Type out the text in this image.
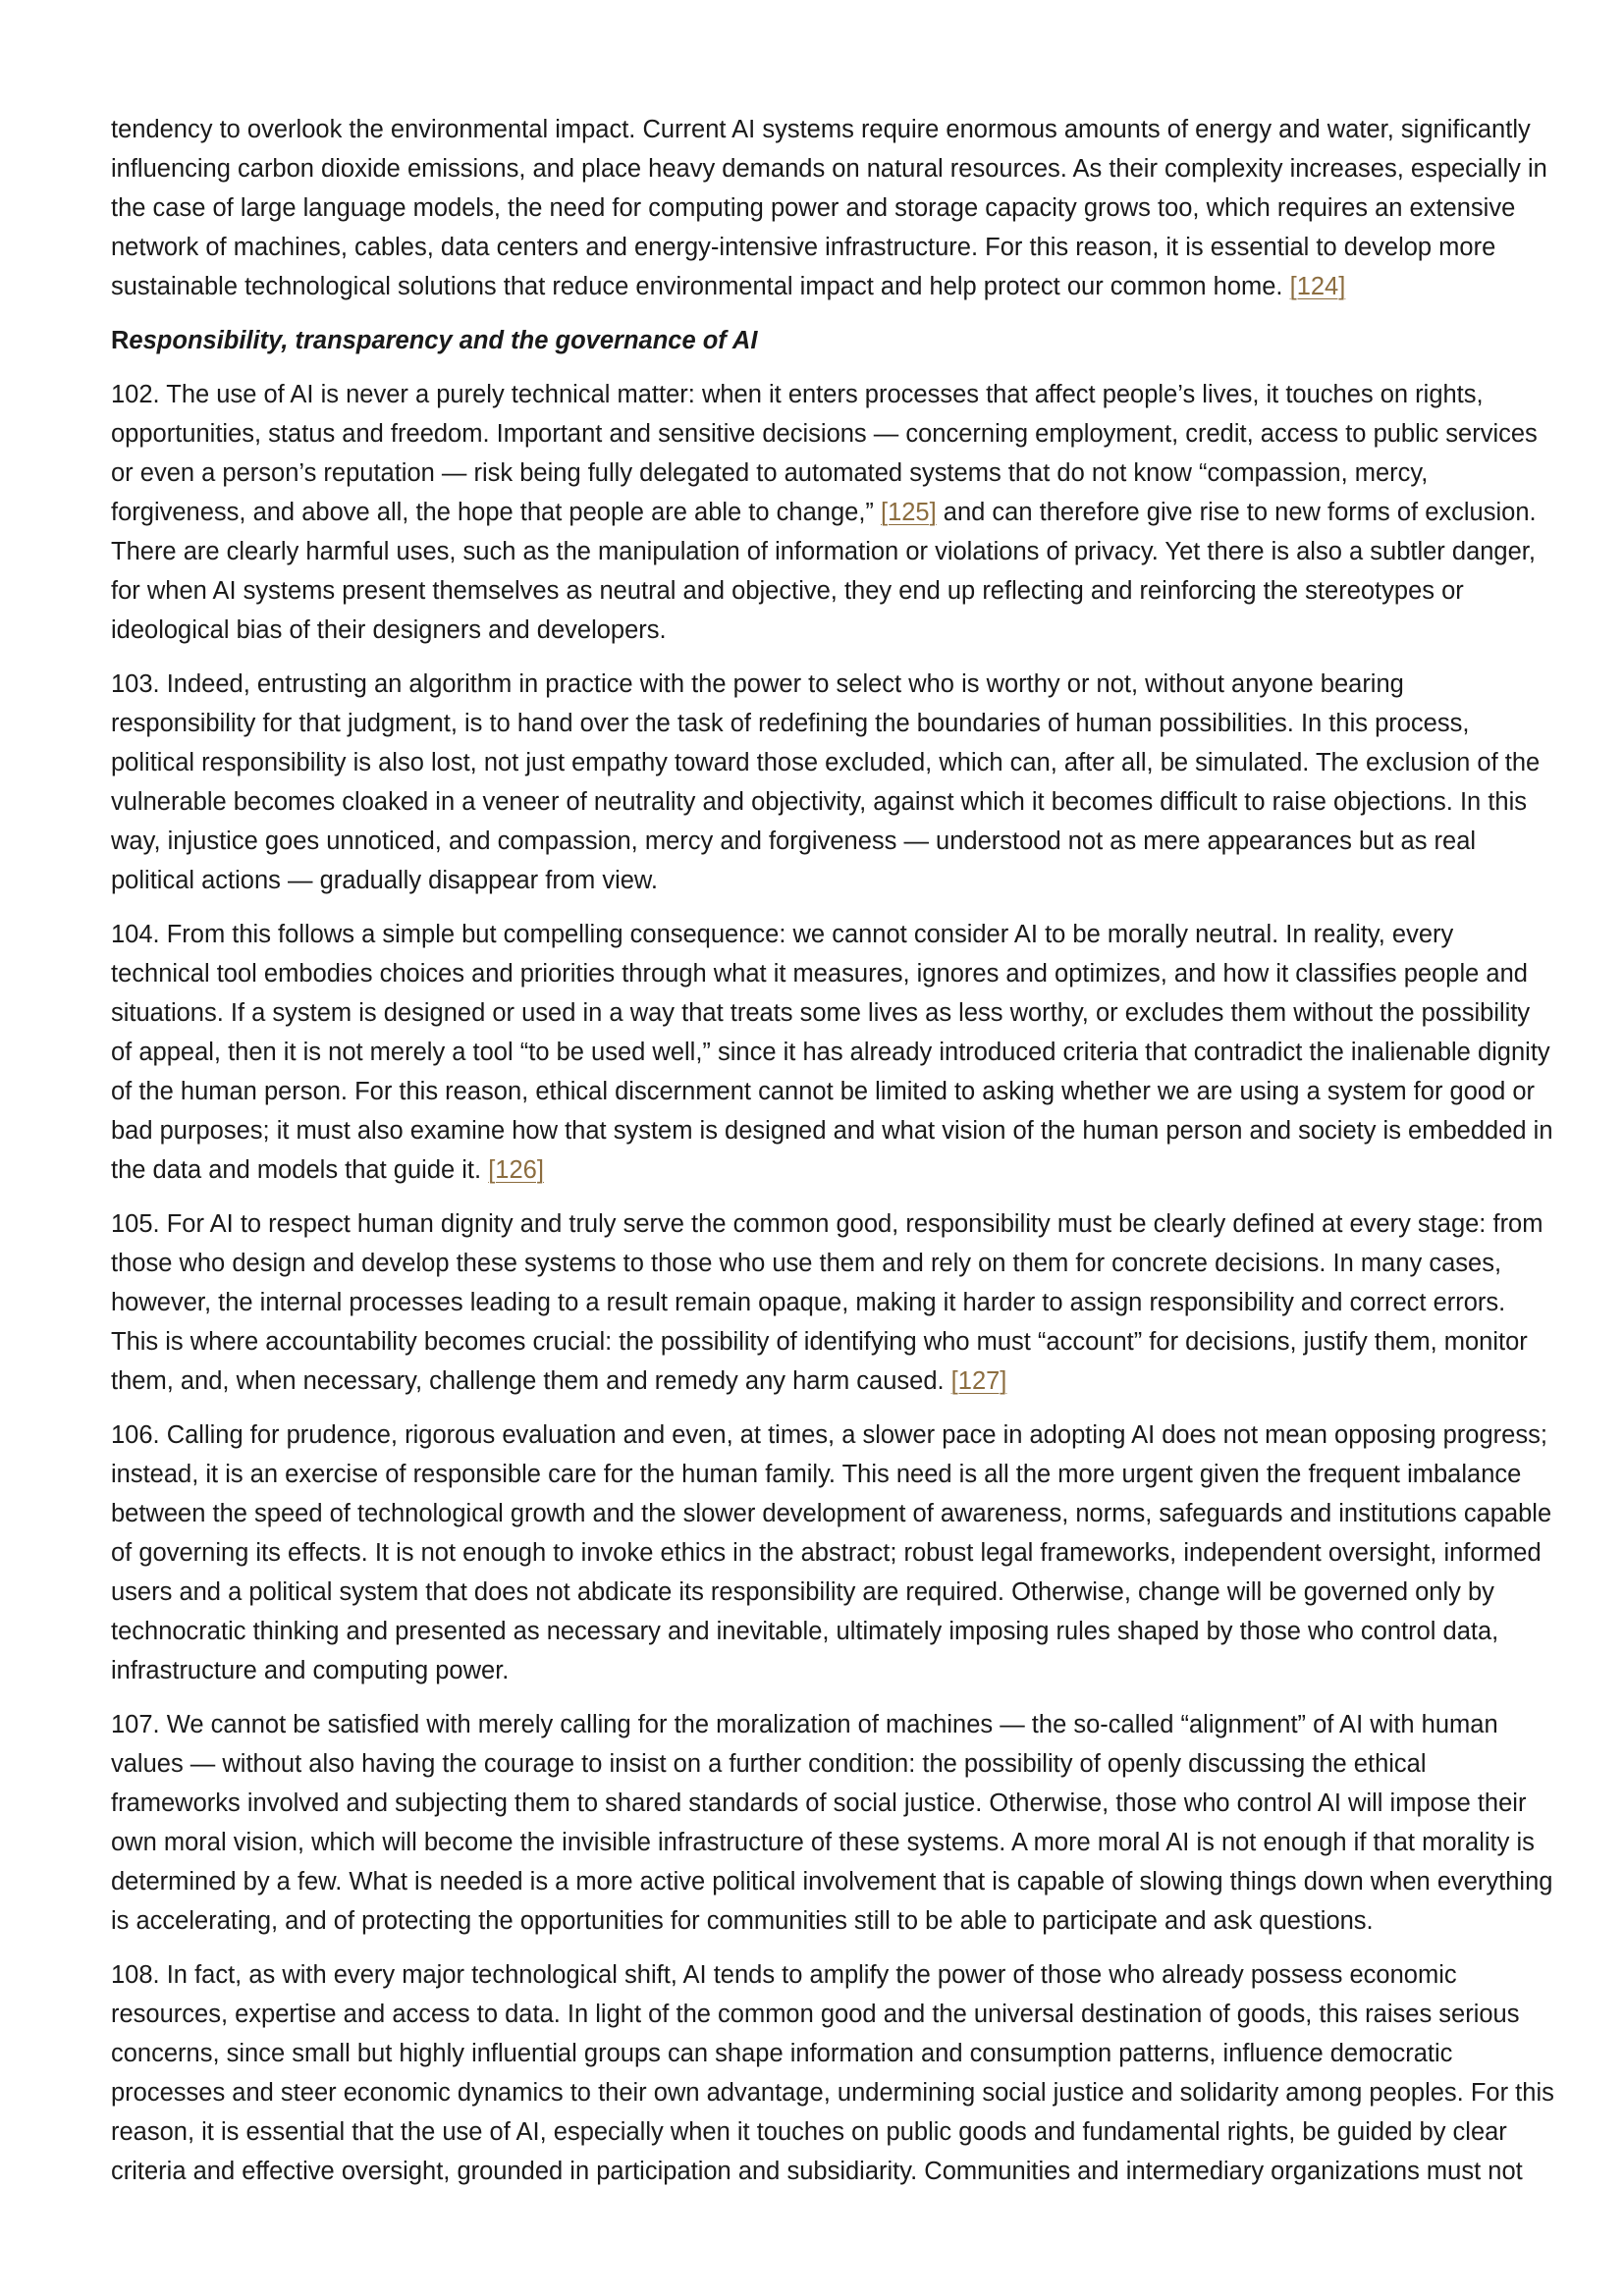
tendency to overlook the environmental impact. Current AI systems require enormous amounts of energy and water, significantly
influencing carbon dioxide emissions, and place heavy demands on natural resources. As their complexity increases, especially in
the case of large language models, the need for computing power and storage capacity grows too, which requires an extensive
network of machines, cables, data centers and energy-intensive infrastructure. For this reason, it is essential to develop more
sustainable technological solutions that reduce environmental impact and help protect our common home. [124]

Responsibility, transparency and the governance of AI

102. The use of AI is never a purely technical matter: when it enters processes that affect people’s lives, it touches on rights,
opportunities, status and freedom. Important and sensitive decisions — concerning employment, credit, access to public services
or even a person’s reputation — risk being fully delegated to automated systems that do not know “compassion, mercy,
forgiveness, and above all, the hope that people are able to change,” [125] and can therefore give rise to new forms of exclusion.
There are clearly harmful uses, such as the manipulation of information or violations of privacy. Yet there is also a subtler danger,
for when AI systems present themselves as neutral and objective, they end up reflecting and reinforcing the stereotypes or
ideological bias of their designers and developers.

103. Indeed, entrusting an algorithm in practice with the power to select who is worthy or not, without anyone bearing
responsibility for that judgment, is to hand over the task of redefining the boundaries of human possibilities. In this process,
political responsibility is also lost, not just empathy toward those excluded, which can, after all, be simulated. The exclusion of the
vulnerable becomes cloaked in a veneer of neutrality and objectivity, against which it becomes difficult to raise objections. In this
way, injustice goes unnoticed, and compassion, mercy and forgiveness — understood not as mere appearances but as real
political actions — gradually disappear from view.

104. From this follows a simple but compelling consequence: we cannot consider AI to be morally neutral. In reality, every
technical tool embodies choices and priorities through what it measures, ignores and optimizes, and how it classifies people and
situations. If a system is designed or used in a way that treats some lives as less worthy, or excludes them without the possibility
of appeal, then it is not merely a tool “to be used well,” since it has already introduced criteria that contradict the inalienable dignity
of the human person. For this reason, ethical discernment cannot be limited to asking whether we are using a system for good or
bad purposes; it must also examine how that system is designed and what vision of the human person and society is embedded in
the data and models that guide it. [126]

105. For AI to respect human dignity and truly serve the common good, responsibility must be clearly defined at every stage: from
those who design and develop these systems to those who use them and rely on them for concrete decisions. In many cases,
however, the internal processes leading to a result remain opaque, making it harder to assign responsibility and correct errors.
This is where accountability becomes crucial: the possibility of identifying who must “account” for decisions, justify them, monitor
them, and, when necessary, challenge them and remedy any harm caused. [127]

106. Calling for prudence, rigorous evaluation and even, at times, a slower pace in adopting AI does not mean opposing progress;
instead, it is an exercise of responsible care for the human family. This need is all the more urgent given the frequent imbalance
between the speed of technological growth and the slower development of awareness, norms, safeguards and institutions capable
of governing its effects. It is not enough to invoke ethics in the abstract; robust legal frameworks, independent oversight, informed
users and a political system that does not abdicate its responsibility are required. Otherwise, change will be governed only by
technocratic thinking and presented as necessary and inevitable, ultimately imposing rules shaped by those who control data,
infrastructure and computing power.

107. We cannot be satisfied with merely calling for the moralization of machines — the so-called “alignment” of AI with human
values — without also having the courage to insist on a further condition: the possibility of openly discussing the ethical
frameworks involved and subjecting them to shared standards of social justice. Otherwise, those who control AI will impose their
own moral vision, which will become the invisible infrastructure of these systems. A more moral AI is not enough if that morality is
determined by a few. What is needed is a more active political involvement that is capable of slowing things down when everything
is accelerating, and of protecting the opportunities for communities still to be able to participate and ask questions.

108. In fact, as with every major technological shift, AI tends to amplify the power of those who already possess economic
resources, expertise and access to data. In light of the common good and the universal destination of goods, this raises serious
concerns, since small but highly influential groups can shape information and consumption patterns, influence democratic
processes and steer economic dynamics to their own advantage, undermining social justice and solidarity among peoples. For this
reason, it is essential that the use of AI, especially when it touches on public goods and fundamental rights, be guided by clear
criteria and effective oversight, grounded in participation and subsidiarity. Communities and intermediary organizations must not
